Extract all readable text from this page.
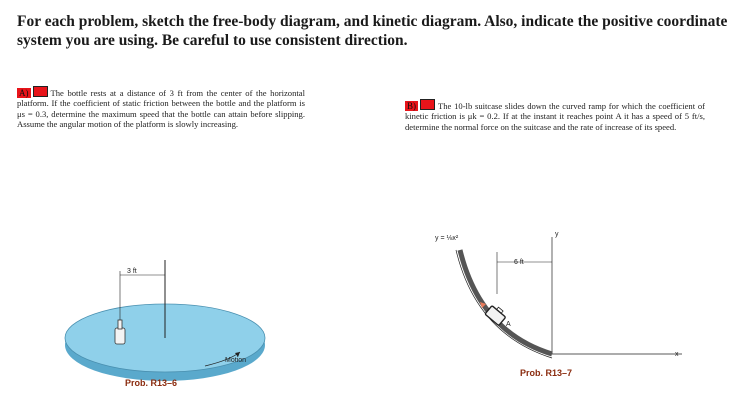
For each problem, sketch the free-body diagram, and kinetic diagram. Also, indicate the positive coordinate system you are using. Be careful to use consistent direction.
A)	The bottle rests at a distance of 3 ft from the center of the horizontal platform. If the coefficient of static friction between the bottle and the platform is μs = 0.3, determine the maximum speed that the bottle can attain before slipping. Assume the angular motion of the platform is slowly increasing.
3 ft
Motion
Prob. R13–6
B)	The 10-lb suitcase slides down the curved ramp for which the coefficient of kinetic friction is μk = 0.2. If at the instant it reaches point A it has a speed of 5 ft/s, determine the normal force on the suitcase and the rate of increase of its speed.
y = ⅛x²
y
x
6 ft
A
Prob. R13–7
